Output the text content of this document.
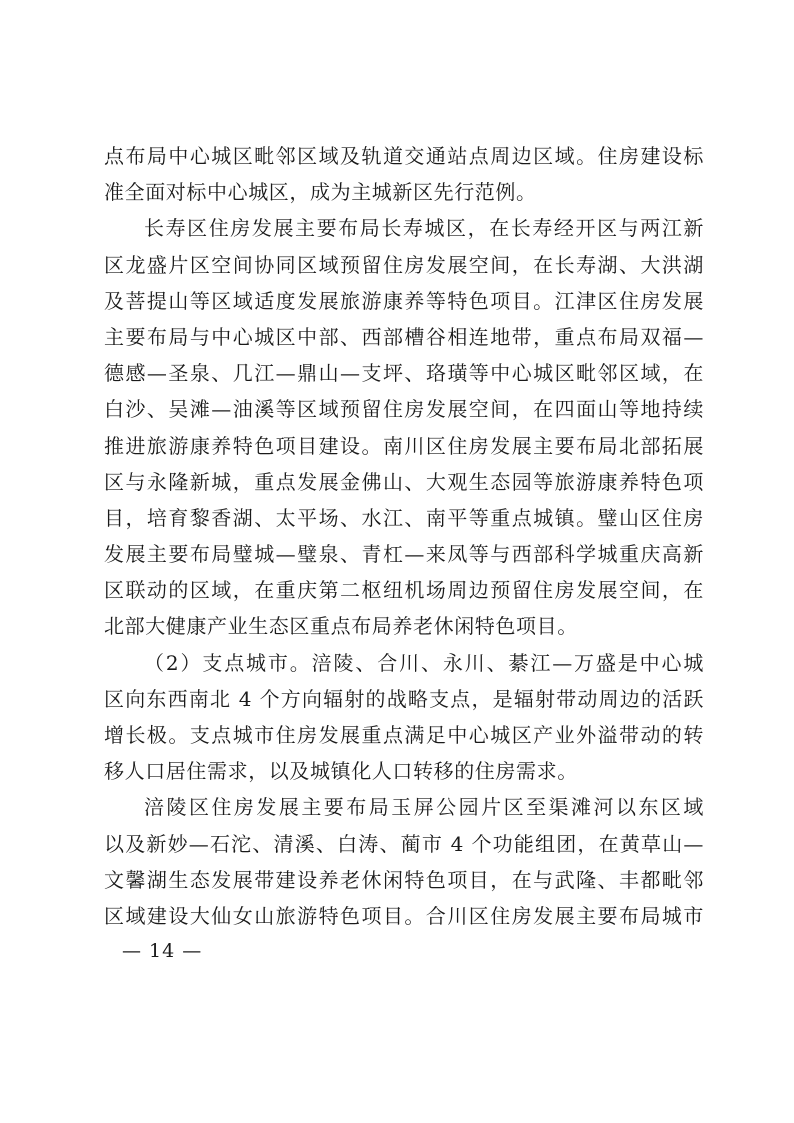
点布局中心城区毗邻区域及轨道交通站点周边区域。住房建设标
准全面对标中心城区，成为主城新区先行范例。
长寿区住房发展主要布局长寿城区，在长寿经开区与两江新
区龙盛片区空间协同区域预留住房发展空间，在长寿湖、大洪湖
及菩提山等区域适度发展旅游康养等特色项目。江津区住房发展
主要布局与中心城区中部、西部槽谷相连地带，重点布局双福—
德感—圣泉、几江—鼎山—支坪、珞璜等中心城区毗邻区域，在
白沙、吴滩—油溪等区域预留住房发展空间，在四面山等地持续
推进旅游康养特色项目建设。南川区住房发展主要布局北部拓展
区与永隆新城，重点发展金佛山、大观生态园等旅游康养特色项
目，培育黎香湖、太平场、水江、南平等重点城镇。璧山区住房
发展主要布局璧城—璧泉、青杠—来凤等与西部科学城重庆高新
区联动的区域，在重庆第二枢纽机场周边预留住房发展空间，在
北部大健康产业生态区重点布局养老休闲特色项目。
（2）支点城市。涪陵、合川、永川、綦江—万盛是中心城
区向东西南北 4 个方向辐射的战略支点，是辐射带动周边的活跃
增长极。支点城市住房发展重点满足中心城区产业外溢带动的转
移人口居住需求，以及城镇化人口转移的住房需求。
涪陵区住房发展主要布局玉屏公园片区至渠滩河以东区域
以及新妙—石沱、清溪、白涛、蔺市 4 个功能组团，在黄草山—
文馨湖生态发展带建设养老休闲特色项目，在与武隆、丰都毗邻
区域建设大仙女山旅游特色项目。合川区住房发展主要布局城市
— 14 —
